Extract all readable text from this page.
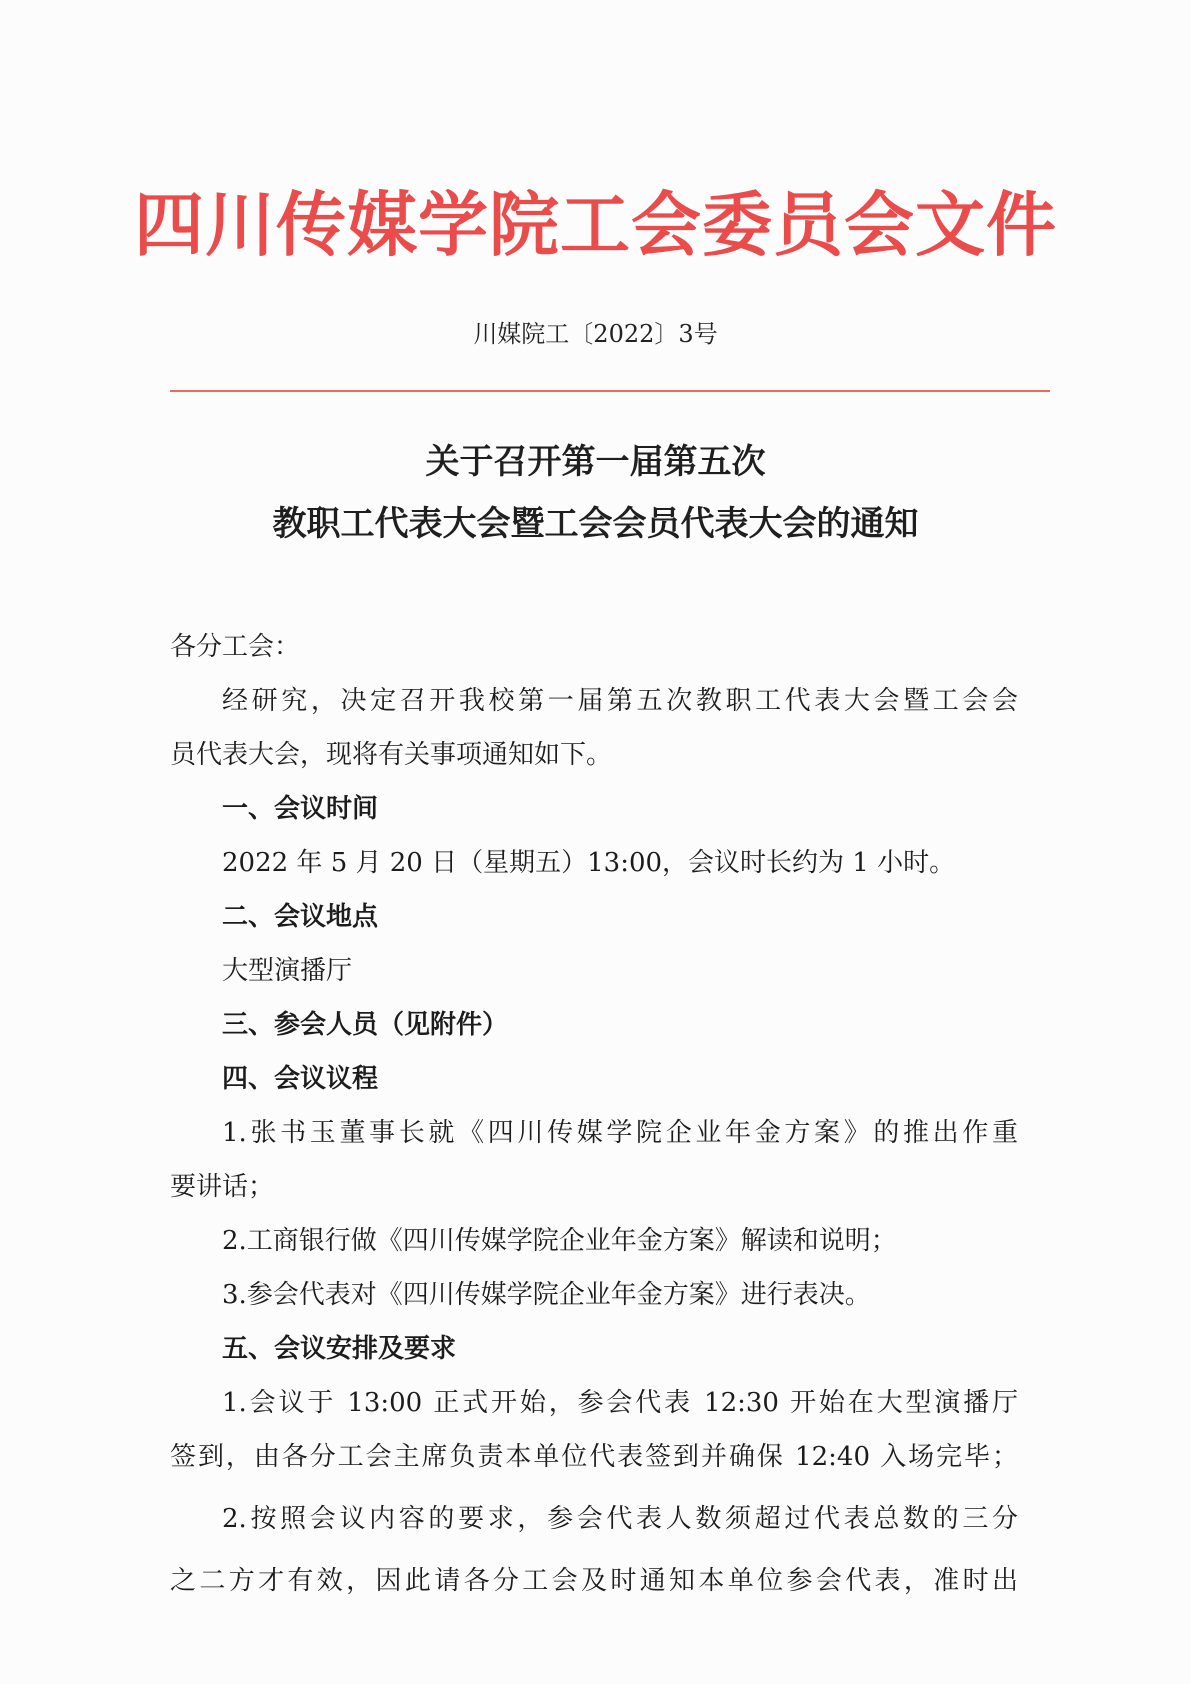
四川传媒学院工会委员会文件
川媒院工〔2022〕3号
关于召开第一届第五次
教职工代表大会暨工会会员代表大会的通知
各分工会：
经研究，决定召开我校第一届第五次教职工代表大会暨工会会
员代表大会，现将有关事项通知如下。
一、会议时间
2022 年 5 月 20 日（星期五）13:00，会议时长约为 1 小时。
二、会议地点
大型演播厅
三、参会人员（见附件）
四、会议议程
1.张书玉董事长就《四川传媒学院企业年金方案》的推出作重
要讲话；
2.工商银行做《四川传媒学院企业年金方案》解读和说明；
3.参会代表对《四川传媒学院企业年金方案》进行表决。
五、会议安排及要求
1.会议于 13:00 正式开始，参会代表 12:30 开始在大型演播厅
签到，由各分工会主席负责本单位代表签到并确保 12:40 入场完毕；
2.按照会议内容的要求，参会代表人数须超过代表总数的三分
之二方才有效，因此请各分工会及时通知本单位参会代表，准时出
